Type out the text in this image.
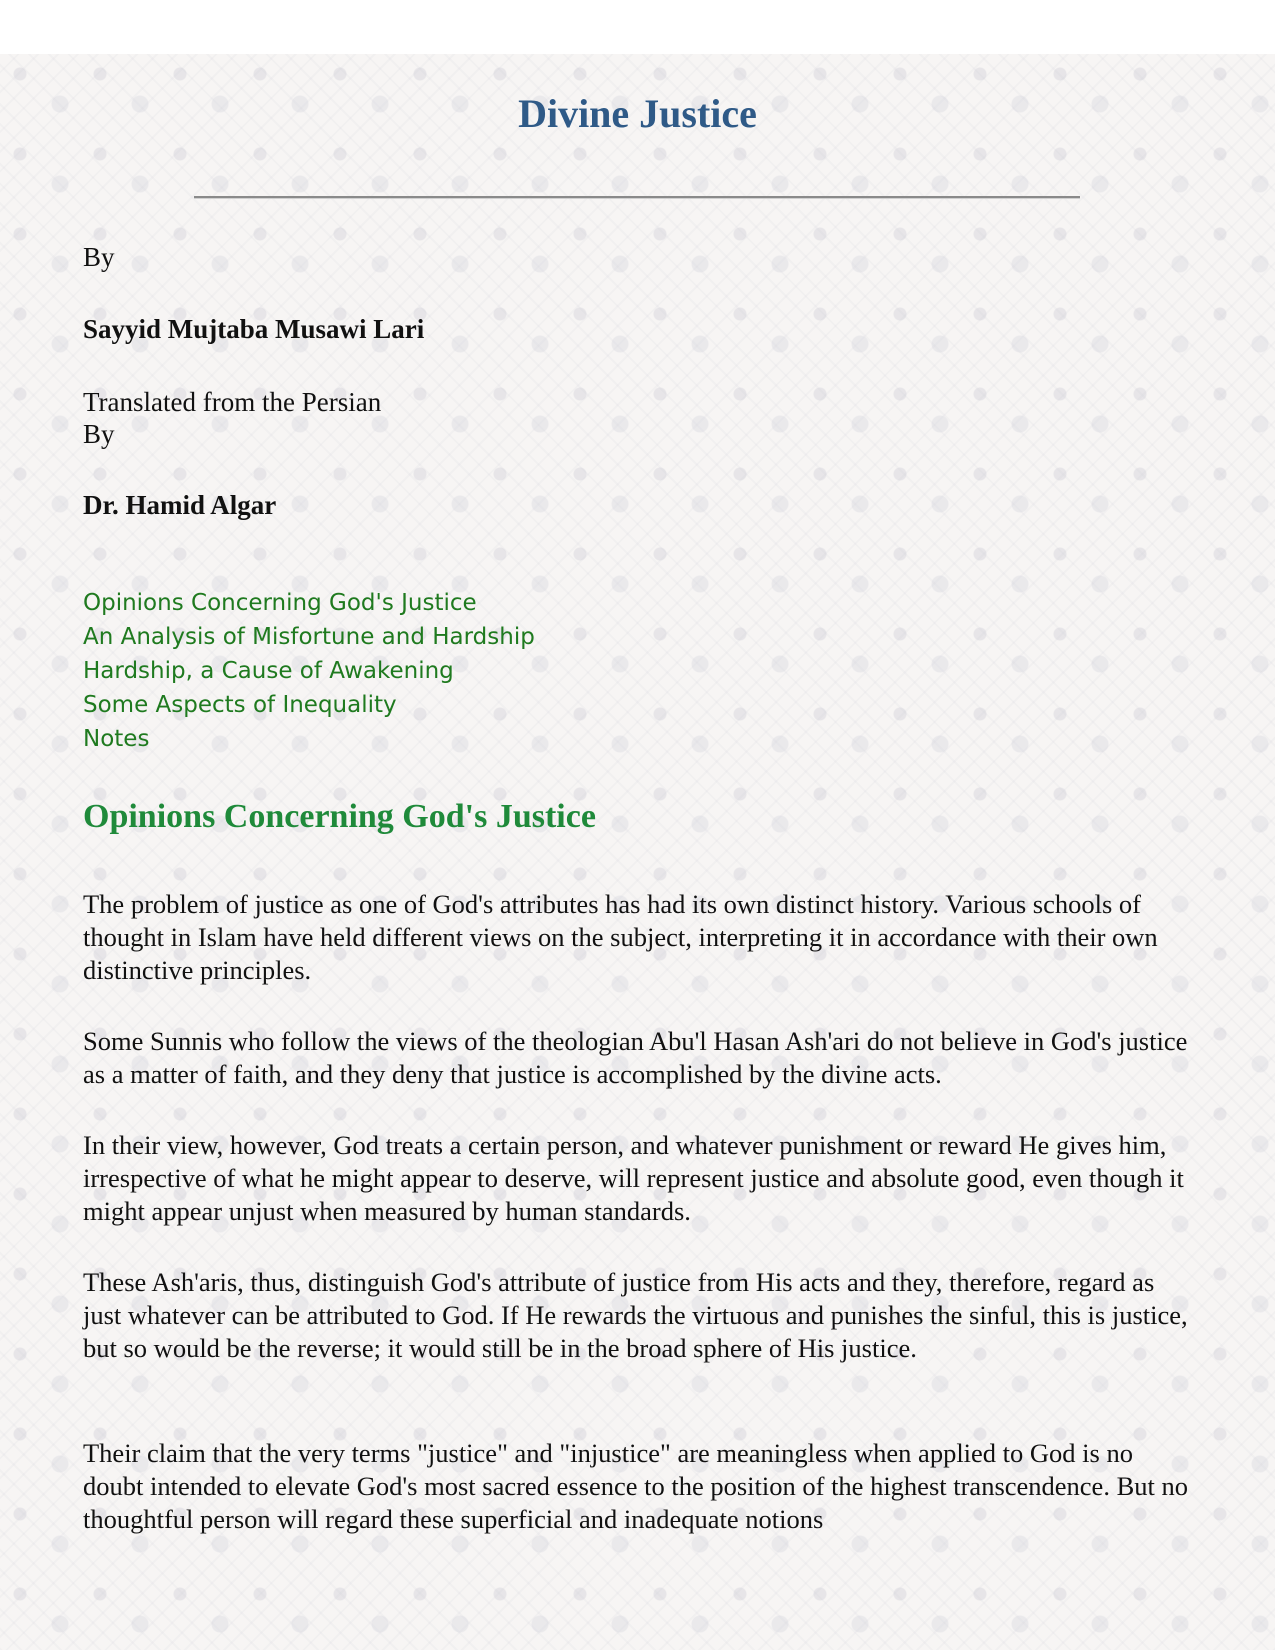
Divine Justice

By

Sayyid Mujtaba Musawi Lari

Translated from the Persian

By

Dr. Hamid Algar

Opinions Concerning God's Justice
An Analysis of Misfortune and Hardship
Hardship, a Cause of Awakening
Some Aspects of Inequality
Notes
Opinions Concerning God's Justice

The problem of justice as one of God's attributes has had its own distinct history. Various schools of thought in Islam have held different views on the subject, interpreting it in accordance with their own distinctive principles.

Some Sunnis who follow the views of the theologian Abu'l Hasan Ash'ari do not believe in God's justice as a matter of faith, and they deny that justice is accomplished by the divine acts.

In their view, however, God treats a certain person, and whatever punishment or reward He gives him, irrespective of what he might appear to deserve, will represent justice and absolute good, even though it might appear unjust when measured by human standards.

These Ash'aris, thus, distinguish God's attribute of justice from His acts and they, therefore, regard as just whatever can be attributed to God. If He rewards the virtuous and punishes the sinful, this is justice, but so would be the reverse; it would still be in the broad sphere of His justice.

Their claim that the very terms "justice" and "injustice" are meaningless when applied to God is no doubt intended to elevate God's most sacred essence to the position of the highest transcendence. But no thoughtful person will regard these superficial and inadequate notions
